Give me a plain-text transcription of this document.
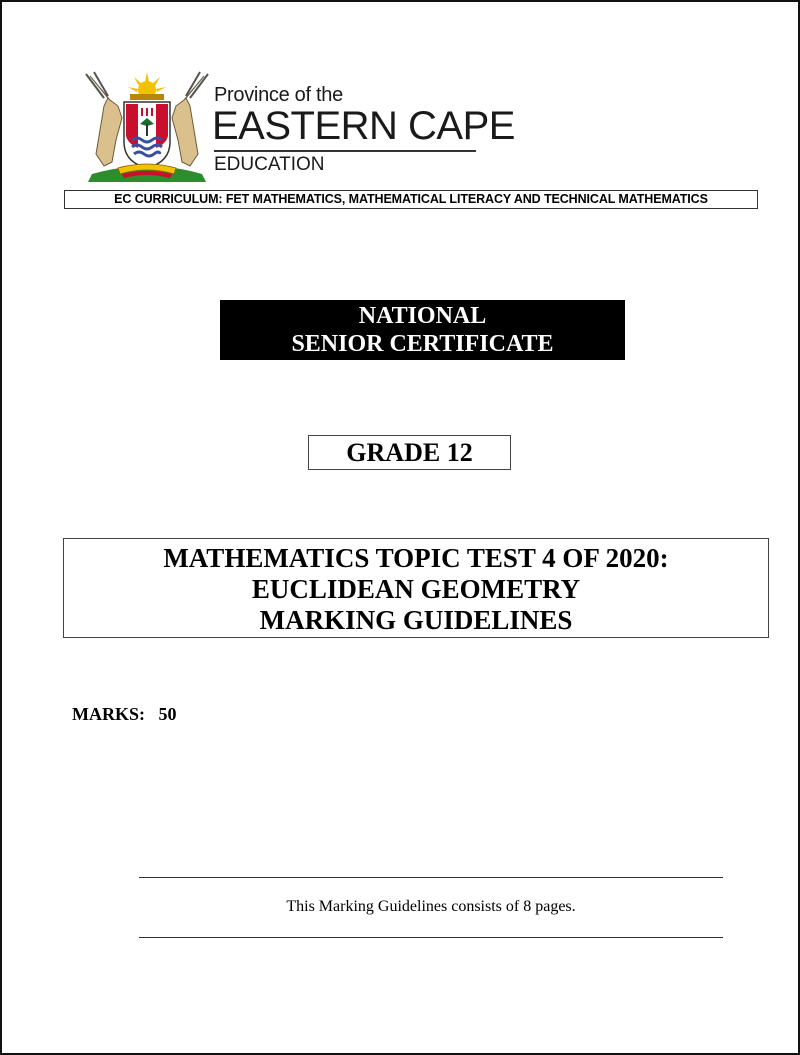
Province of the
EASTERN CAPE
EDUCATION
EC CURRICULUM: FET MATHEMATICS, MATHEMATICAL LITERACY AND TECHNICAL MATHEMATICS
NATIONAL
SENIOR CERTIFICATE
GRADE 12
MATHEMATICS TOPIC TEST 4 OF 2020:
EUCLIDEAN GEOMETRY
MARKING GUIDELINES
MARKS: 50
This Marking Guidelines consists of 8 pages.
